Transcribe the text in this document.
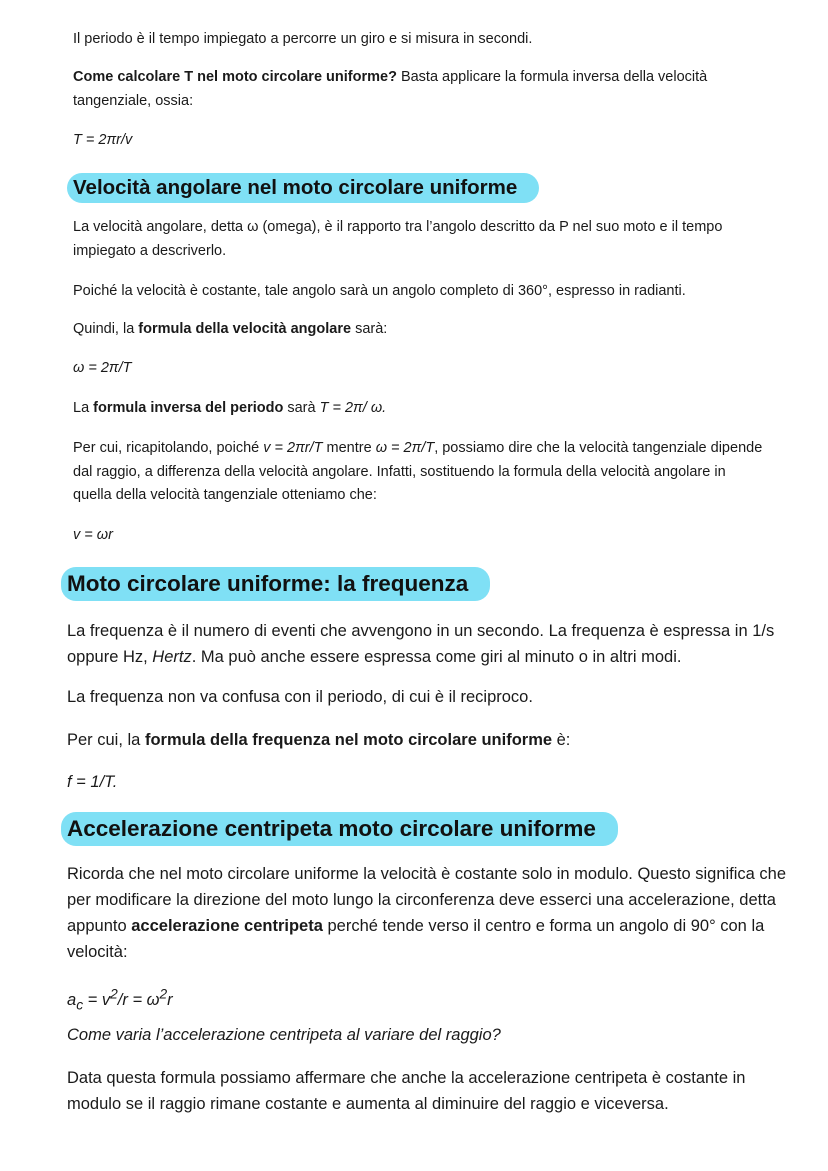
Il periodo è il tempo impiegato a percorre un giro e si misura in secondi.

Come calcolare T nel moto circolare uniforme? Basta applicare la formula inversa della velocità tangenziale, ossia:

T = 2πr/v

Velocità angolare nel moto circolare uniforme

La velocità angolare, detta ω (omega), è il rapporto tra l’angolo descritto da P nel suo moto e il tempo impiegato a descriverlo.

Poiché la velocità è costante, tale angolo sarà un angolo completo di 360°, espresso in radianti.

Quindi, la formula della velocità angolare sarà:

ω = 2π/T

La formula inversa del periodo sarà T = 2π/ ω.

Per cui, ricapitolando, poiché v = 2πr/T mentre ω = 2π/T, possiamo dire che la velocità tangenziale dipende dal raggio, a differenza della velocità angolare. Infatti, sostituendo la formula della velocità angolare in quella della velocità tangenziale otteniamo che:

v = ωr

Moto circolare uniforme: la frequenza

La frequenza è il numero di eventi che avvengono in un secondo. La frequenza è espressa in 1/s oppure Hz, Hertz. Ma può anche essere espressa come giri al minuto o in altri modi.

La frequenza non va confusa con il periodo, di cui è il reciproco.

Per cui, la formula della frequenza nel moto circolare uniforme è:

f = 1/T.

Accelerazione centripeta moto circolare uniforme

Ricorda che nel moto circolare uniforme la velocità è costante solo in modulo. Questo significa che per modificare la direzione del moto lungo la circonferenza deve esserci una accelerazione, detta appunto accelerazione centripeta perché tende verso il centro e forma un angolo di 90° con la velocità:

$a_c = v^2/r = \omega^2r$

Come varia l’accelerazione centripeta al variare del raggio?

Data questa formula possiamo affermare che anche la accelerazione centripeta è costante in modulo se il raggio rimane costante e aumenta al diminuire del raggio e viceversa.
